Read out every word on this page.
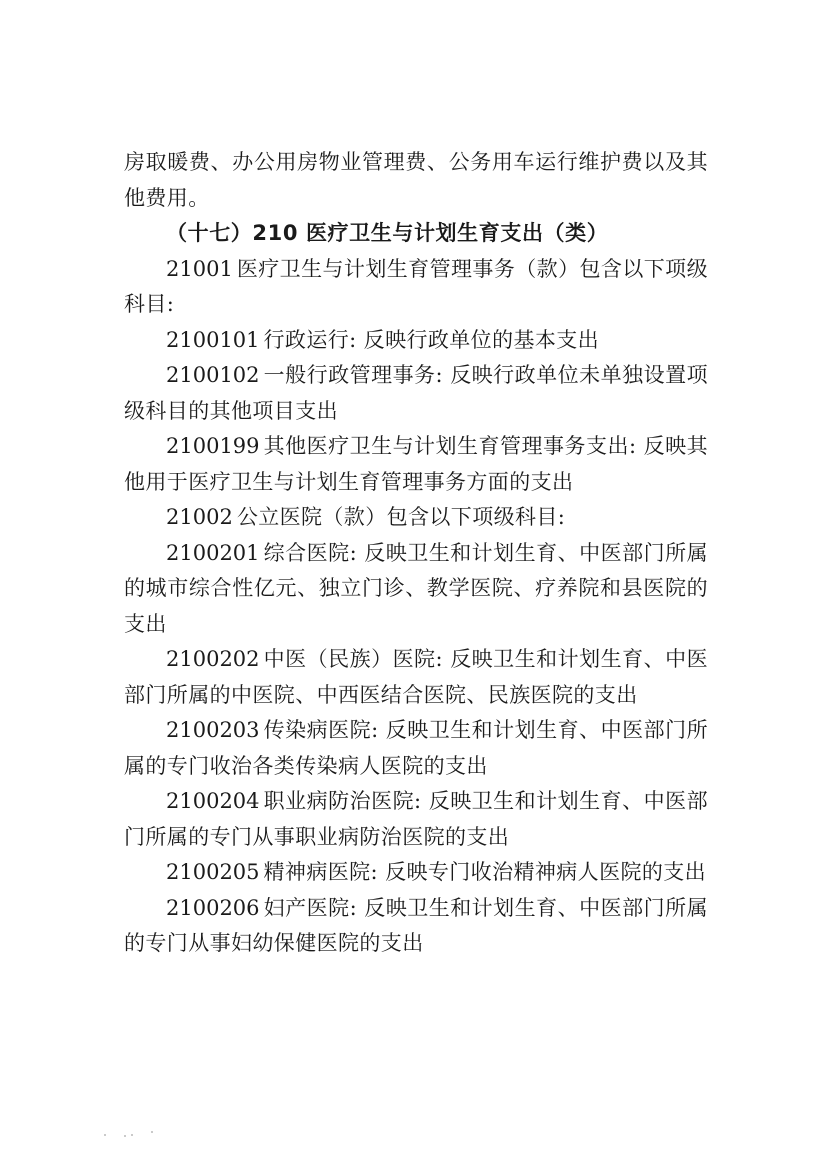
房取暖费、办公用房物业管理费、公务用车运行维护费以及其他费用。

（十七）210 医疗卫生与计划生育支出（类）

21001 医疗卫生与计划生育管理事务（款）包含以下项级科目:

2100101 行政运行: 反映行政单位的基本支出

2100102 一般行政管理事务: 反映行政单位未单独设置项级科目的其他项目支出

2100199 其他医疗卫生与计划生育管理事务支出: 反映其他用于医疗卫生与计划生育管理事务方面的支出

21002 公立医院（款）包含以下项级科目:

2100201 综合医院: 反映卫生和计划生育、中医部门所属的城市综合性亿元、独立门诊、教学医院、疗养院和县医院的支出

2100202 中医（民族）医院: 反映卫生和计划生育、中医部门所属的中医院、中西医结合医院、民族医院的支出

2100203 传染病医院: 反映卫生和计划生育、中医部门所属的专门收治各类传染病人医院的支出

2100204 职业病防治医院: 反映卫生和计划生育、中医部门所属的专门从事职业病防治医院的支出

2100205 精神病医院: 反映专门收治精神病人医院的支出

2100206 妇产医院: 反映卫生和计划生育、中医部门所属的专门从事妇幼保健医院的支出
